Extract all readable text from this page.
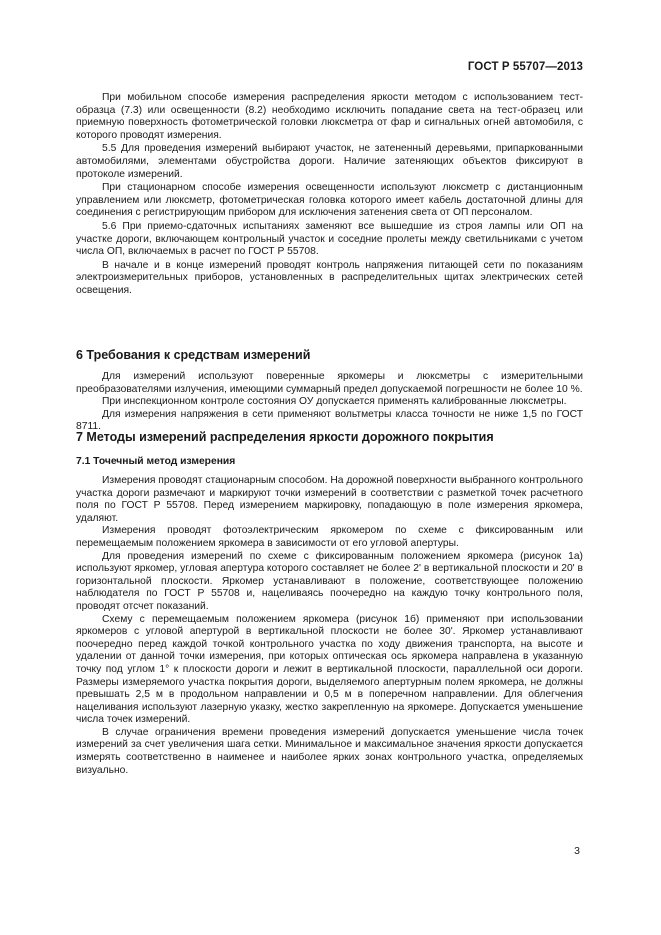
ГОСТ Р 55707—2013

При мобильном способе измерения распределения яркости методом с использованием тест-образца (7.3) или освещенности (8.2) необходимо исключить попадание света на тест-образец или приемную поверхность фотометрической головки люксметра от фар и сигнальных огней автомобиля, с которого проводят измерения.

5.5 Для проведения измерений выбирают участок, не затененный деревьями, припаркованными автомобилями, элементами обустройства дороги. Наличие затеняющих объектов фиксируют в протоколе измерений.

При стационарном способе измерения освещенности используют люксметр с дистанционным управлением или люксметр, фотометрическая головка которого имеет кабель достаточной длины для соединения с регистрирующим прибором для исключения затенения света от ОП персоналом.

5.6 При приемо-сдаточных испытаниях заменяют все вышедшие из строя лампы или ОП на участке дороги, включающем контрольный участок и соседние пролеты между светильниками с учетом числа ОП, включаемых в расчет по ГОСТ Р 55708.

В начале и в конце измерений проводят контроль напряжения питающей сети по показаниям электроизмерительных приборов, установленных в распределительных щитах электрических сетей освещения.

6 Требования к средствам измерений

Для измерений используют поверенные яркомеры и люксметры с измерительными преобразователями излучения, имеющими суммарный предел допускаемой погрешности не более 10 %.

При инспекционном контроле состояния ОУ допускается применять калиброванные люксметры.

Для измерения напряжения в сети применяют вольтметры класса точности не ниже 1,5 по ГОСТ 8711.

7 Методы измерений распределения яркости дорожного покрытия
7.1 Точечный метод измерения

Измерения проводят стационарным способом. На дорожной поверхности выбранного контрольного участка дороги размечают и маркируют точки измерений в соответствии с разметкой точек расчетного поля по ГОСТ Р 55708. Перед измерением маркировку, попадающую в поле измерения яркомера, удаляют.

Измерения проводят фотоэлектрическим яркомером по схеме с фиксированным или перемещаемым положением яркомера в зависимости от его угловой апертуры.

Для проведения измерений по схеме с фиксированным положением яркомера (рисунок 1а) используют яркомер, угловая апертура которого составляет не более 2' в вертикальной плоскости и 20' в горизонтальной плоскости. Яркомер устанавливают в положение, соответствующее положению наблюдателя по ГОСТ Р 55708 и, нацеливаясь поочередно на каждую точку контрольного поля, проводят отсчет показаний.

Схему с перемещаемым положением яркомера (рисунок 1б) применяют при использовании яркомеров с угловой апертурой в вертикальной плоскости не более 30'. Яркомер устанавливают поочередно перед каждой точкой контрольного участка по ходу движения транспорта, на высоте и удалении от данной точки измерения, при которых оптическая ось яркомера направлена в указанную точку под углом 1° к плоскости дороги и лежит в вертикальной плоскости, параллельной оси дороги. Размеры измеряемого участка покрытия дороги, выделяемого апертурным полем яркомера, не должны превышать 2,5 м в продольном направлении и 0,5 м в поперечном направлении. Для облегчения нацеливания используют лазерную указку, жестко закрепленную на яркомере. Допускается уменьшение числа точек измерений.

В случае ограничения времени проведения измерений допускается уменьшение числа точек измерений за счет увеличения шага сетки. Минимальное и максимальное значения яркости допускается измерять соответственно в наименее и наиболее ярких зонах контрольного участка, определяемых визуально.

3
